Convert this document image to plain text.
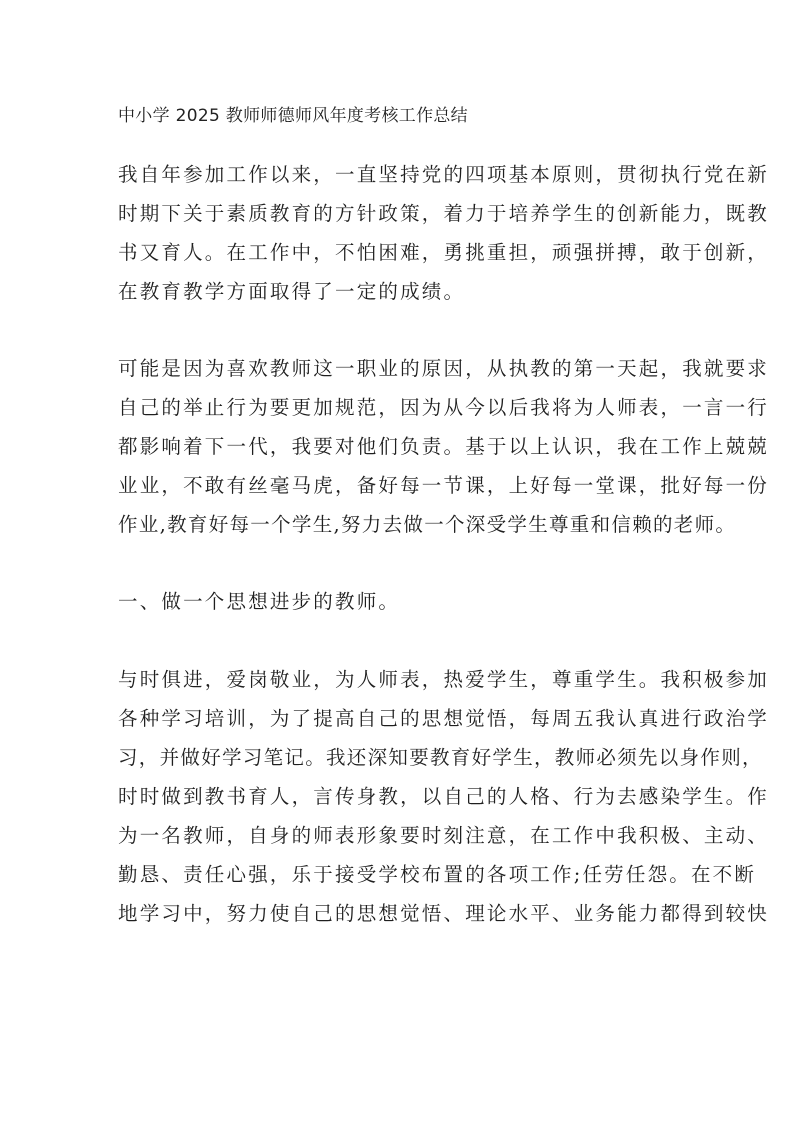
中小学 2025 教师师德师风年度考核工作总结
我自年参加工作以来，一直坚持党的四项基本原则，贯彻执行党在新
时期下关于素质教育的方针政策，着力于培养学生的创新能力，既教
书又育人。在工作中，不怕困难，勇挑重担，顽强拼搏，敢于创新，
在教育教学方面取得了一定的成绩。
可能是因为喜欢教师这一职业的原因，从执教的第一天起，我就要求
自己的举止行为要更加规范，因为从今以后我将为人师表，一言一行
都影响着下一代，我要对他们负责。基于以上认识，我在工作上兢兢
业业，不敢有丝毫马虎，备好每一节课，上好每一堂课，批好每一份
作业,教育好每一个学生,努力去做一个深受学生尊重和信赖的老师。
一、做一个思想进步的教师。
与时俱进，爱岗敬业，为人师表，热爱学生，尊重学生。我积极参加
各种学习培训，为了提高自己的思想觉悟，每周五我认真进行政治学
习，并做好学习笔记。我还深知要教育好学生，教师必须先以身作则，
时时做到教书育人，言传身教，以自己的人格、行为去感染学生。作
为一名教师，自身的师表形象要时刻注意，在工作中我积极、主动、
勤恳、责任心强，乐于接受学校布置的各项工作;任劳任怨。在不断
地学习中，努力使自己的思想觉悟、理论水平、业务能力都得到较快
